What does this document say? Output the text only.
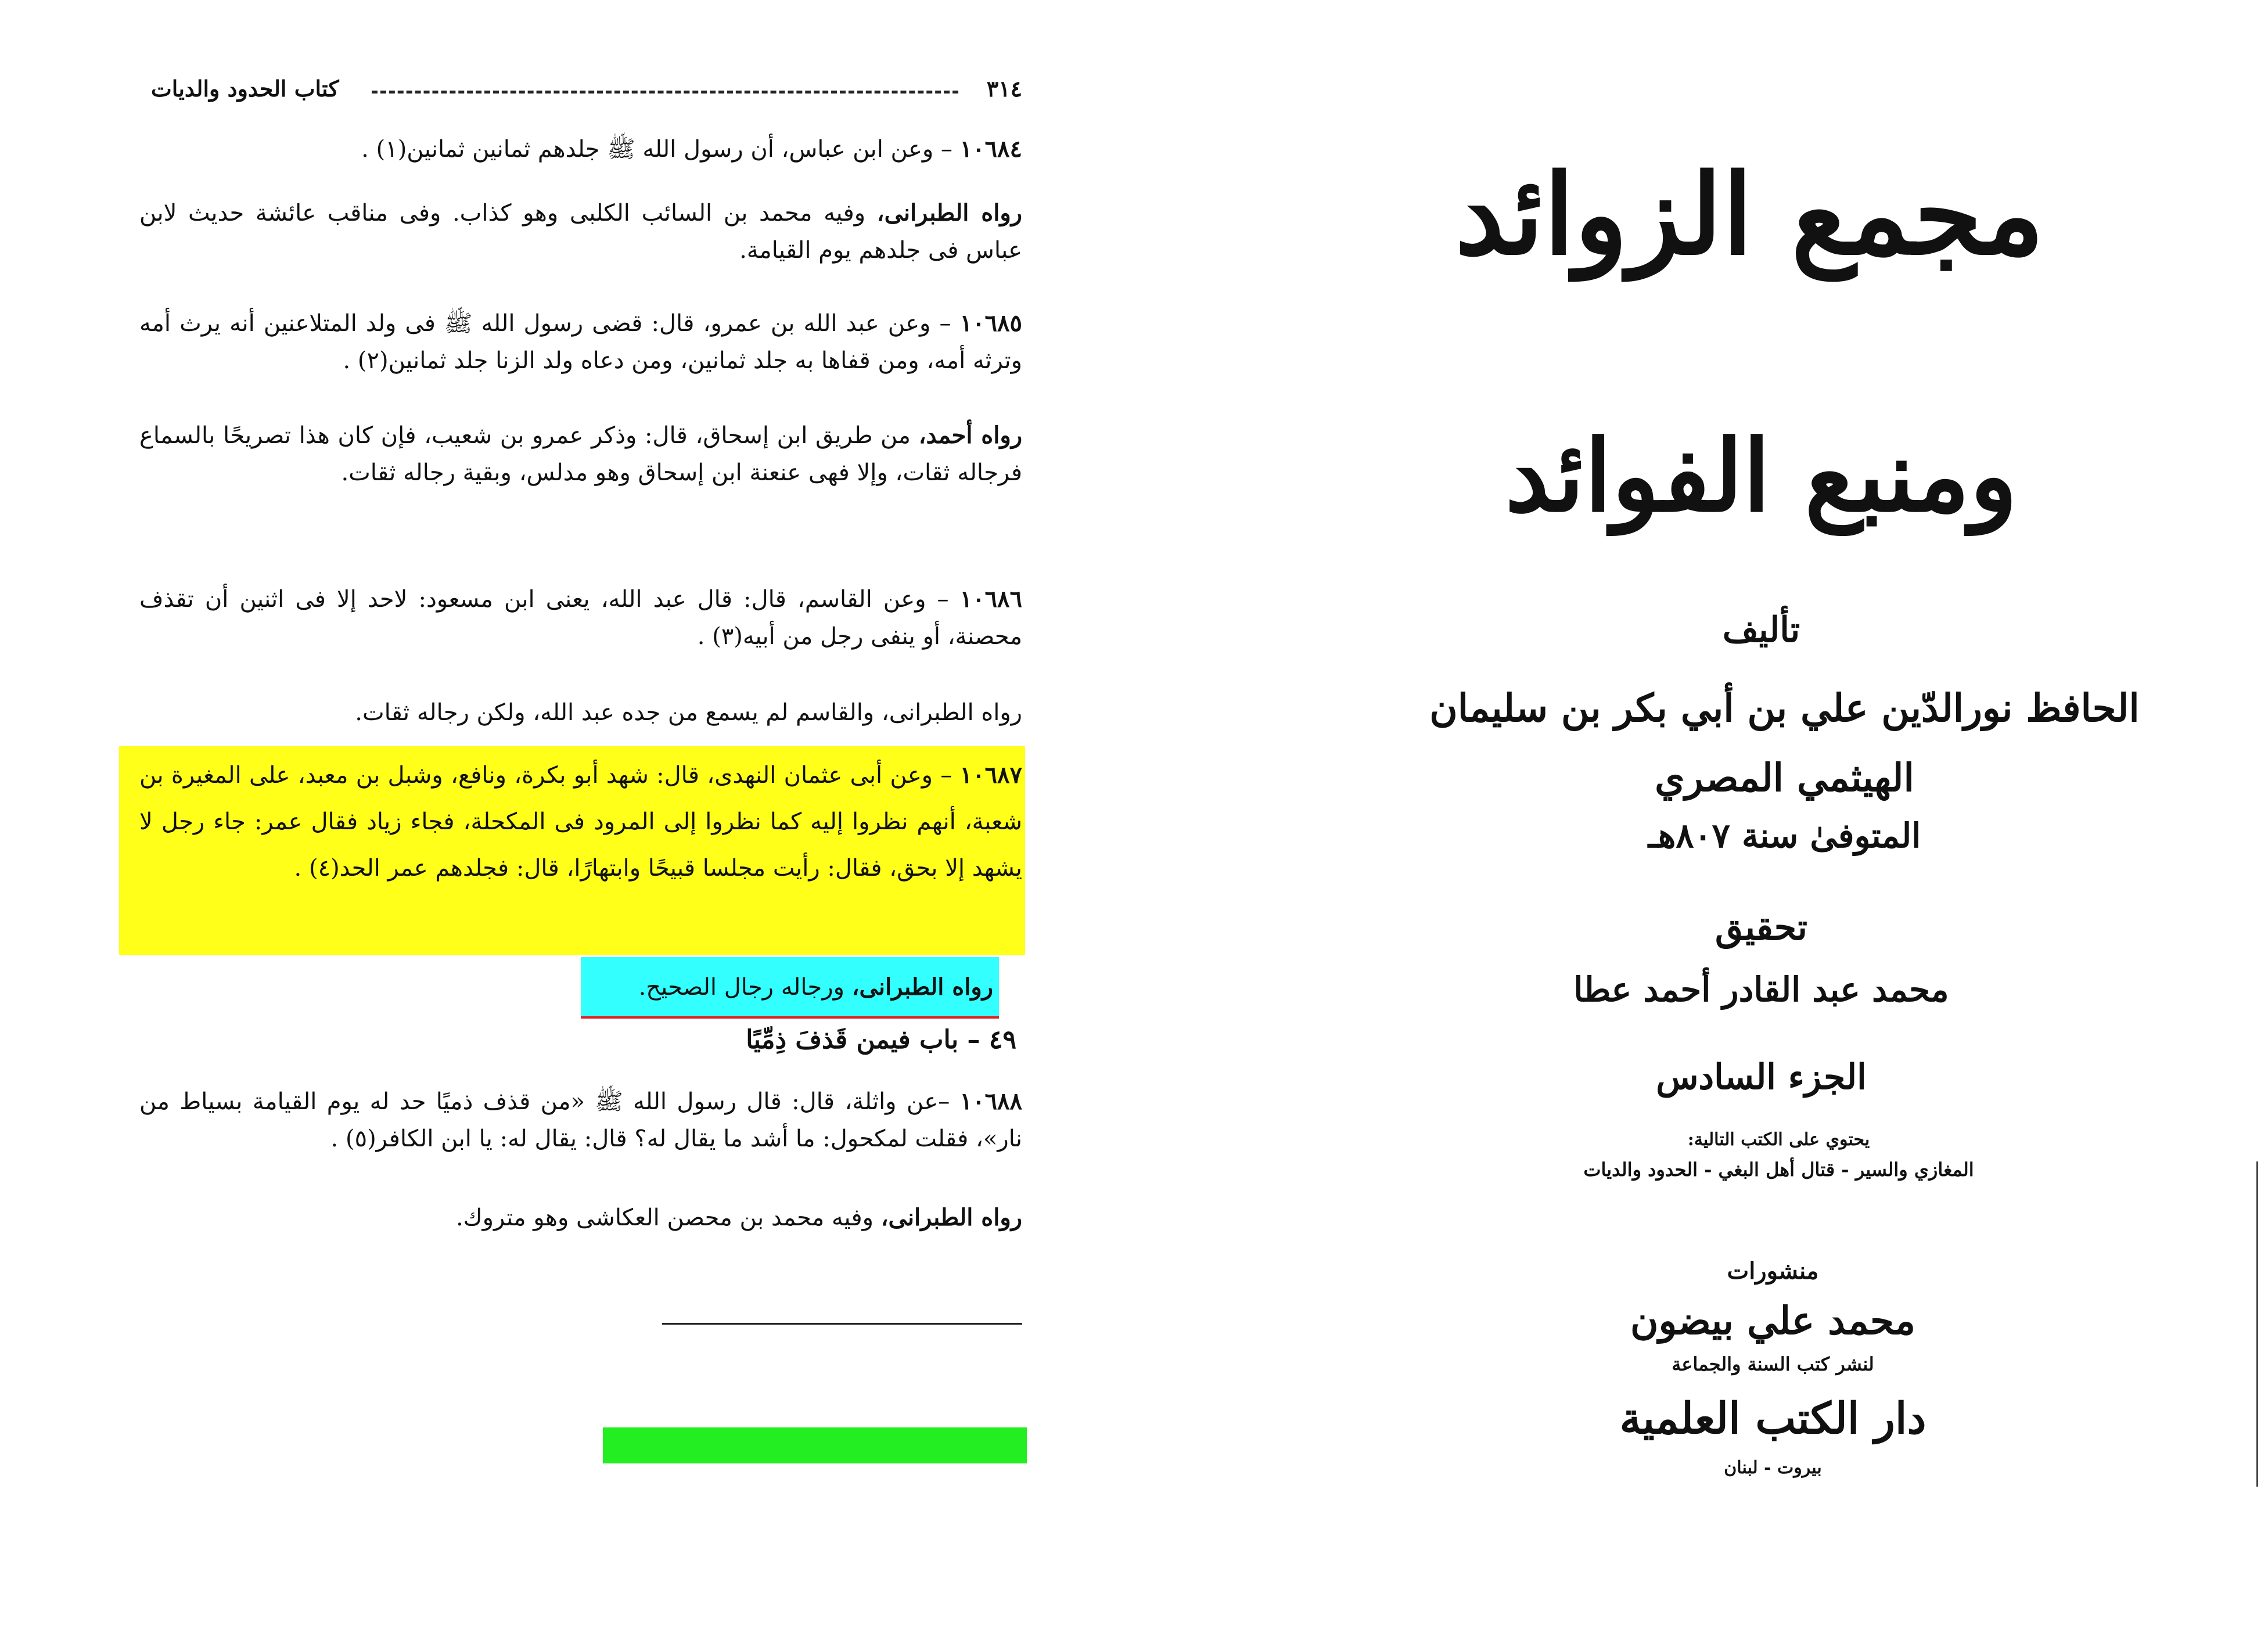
٣١٤
كتاب الحدود والديات
١٠٦٨٤ – وعن ابن عباس، أن رسول الله ﷺ جلدهم ثمانين ثمانين(١) .
رواه الطبرانى، وفيه محمد بن السائب الكلبى وهو كذاب. وفى مناقب عائشة حديث لابن عباس فى جلدهم يوم القيامة.
١٠٦٨٥ – وعن عبد الله بن عمرو، قال: قضى رسول الله ﷺ فى ولد المتلاعنين أنه يرث أمه وترثه أمه، ومن قفاها به جلد ثمانين، ومن دعاه ولد الزنا جلد ثمانين(٢) .
رواه أحمد، من طريق ابن إسحاق، قال: وذكر عمرو بن شعيب، فإن كان هذا تصريحًا بالسماع فرجاله ثقات، وإلا فهى عنعنة ابن إسحاق وهو مدلس، وبقية رجاله ثقات.
١٠٦٨٦ – وعن القاسم، قال: قال عبد الله، يعنى ابن مسعود: لاحد إلا فى اثنين أن تقذف محصنة، أو ينفى رجل من أبيه(٣) .
رواه الطبرانى، والقاسم لم يسمع من جده عبد الله، ولكن رجاله ثقات.
١٠٦٨٧ – وعن أبى عثمان النهدى، قال: شهد أبو بكرة، ونافع، وشبل بن معبد، على المغيرة بن شعبة، أنهم نظروا إليه كما نظروا إلى المرود فى المكحلة، فجاء زياد فقال عمر: جاء رجل لا يشهد إلا بحق، فقال: رأيت مجلسا قبيحًا وابتهارًا، قال: فجلدهم عمر الحد(٤) .
رواه الطبرانى، ورجاله رجال الصحيح.
٤٩ – باب فيمن قَذفَ ذِمِّيًا
١٠٦٨٨ –عن واثلة، قال: قال رسول الله ﷺ «من قذف ذميًا حد له يوم القيامة بسياط من نار»، فقلت لمكحول: ما أشد ما يقال له؟ قال: يقال له: يا ابن الكافر(٥) .
رواه الطبرانى، وفيه محمد بن محصن العكاشى وهو متروك.
مجمع الزوائد
ومنبع الفوائد
تأليف
الحافظ نورالدّين علي بن أبي بكر بن سليمان
الهيثمي المصري
المتوفىٰ سنة ٨٠٧هـ
تحقيق
محمد عبد القادر أحمد عطا
الجزء السادس
يحتوي على الكتب التالية:
المغازي والسير - قتال أهل البغي - الحدود والديات
منشورات
محمد علي بيضون
لنشر كتب السنة والجماعة
دار الكتب العلمية
بيروت - لبنان
